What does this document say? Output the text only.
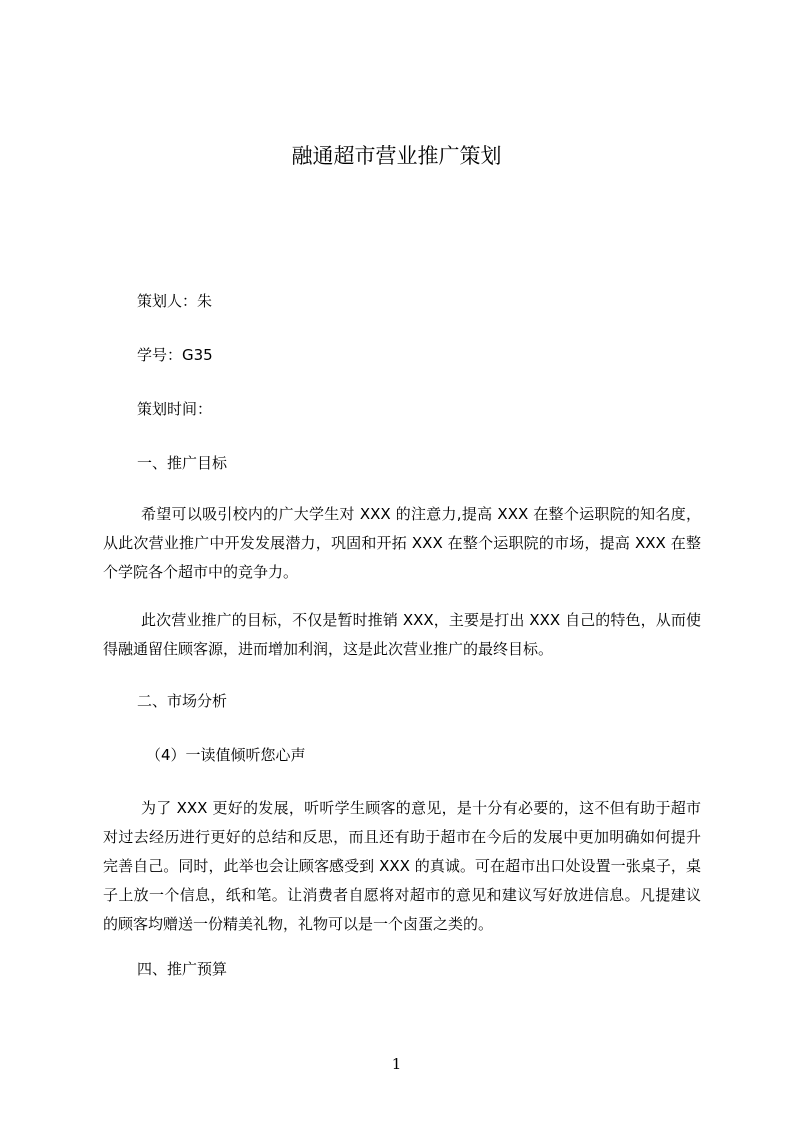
融通超市营业推广策划
策划人：朱
学号：G35
策划时间：
一、推广目标
希望可以吸引校内的广大学生对 XXX 的注意力,提高 XXX 在整个运职院的知名度，从此次营业推广中开发发展潜力，巩固和开拓 XXX 在整个运职院的市场，提高 XXX 在整个学院各个超市中的竞争力。
此次营业推广的目标，不仅是暂时推销 XXX，主要是打出 XXX 自己的特色，从而使得融通留住顾客源，进而增加利润，这是此次营业推广的最终目标。
二、市场分析
（4）一读值倾听您心声
为了 XXX 更好的发展，听听学生顾客的意见，是十分有必要的，这不但有助于超市对过去经历进行更好的总结和反思，而且还有助于超市在今后的发展中更加明确如何提升完善自己。同时，此举也会让顾客感受到 XXX 的真诚。可在超市出口处设置一张桌子，桌子上放一个信息，纸和笔。让消费者自愿将对超市的意见和建议写好放进信息。凡提建议的顾客均赠送一份精美礼物，礼物可以是一个卤蛋之类的。
四、推广预算
1
